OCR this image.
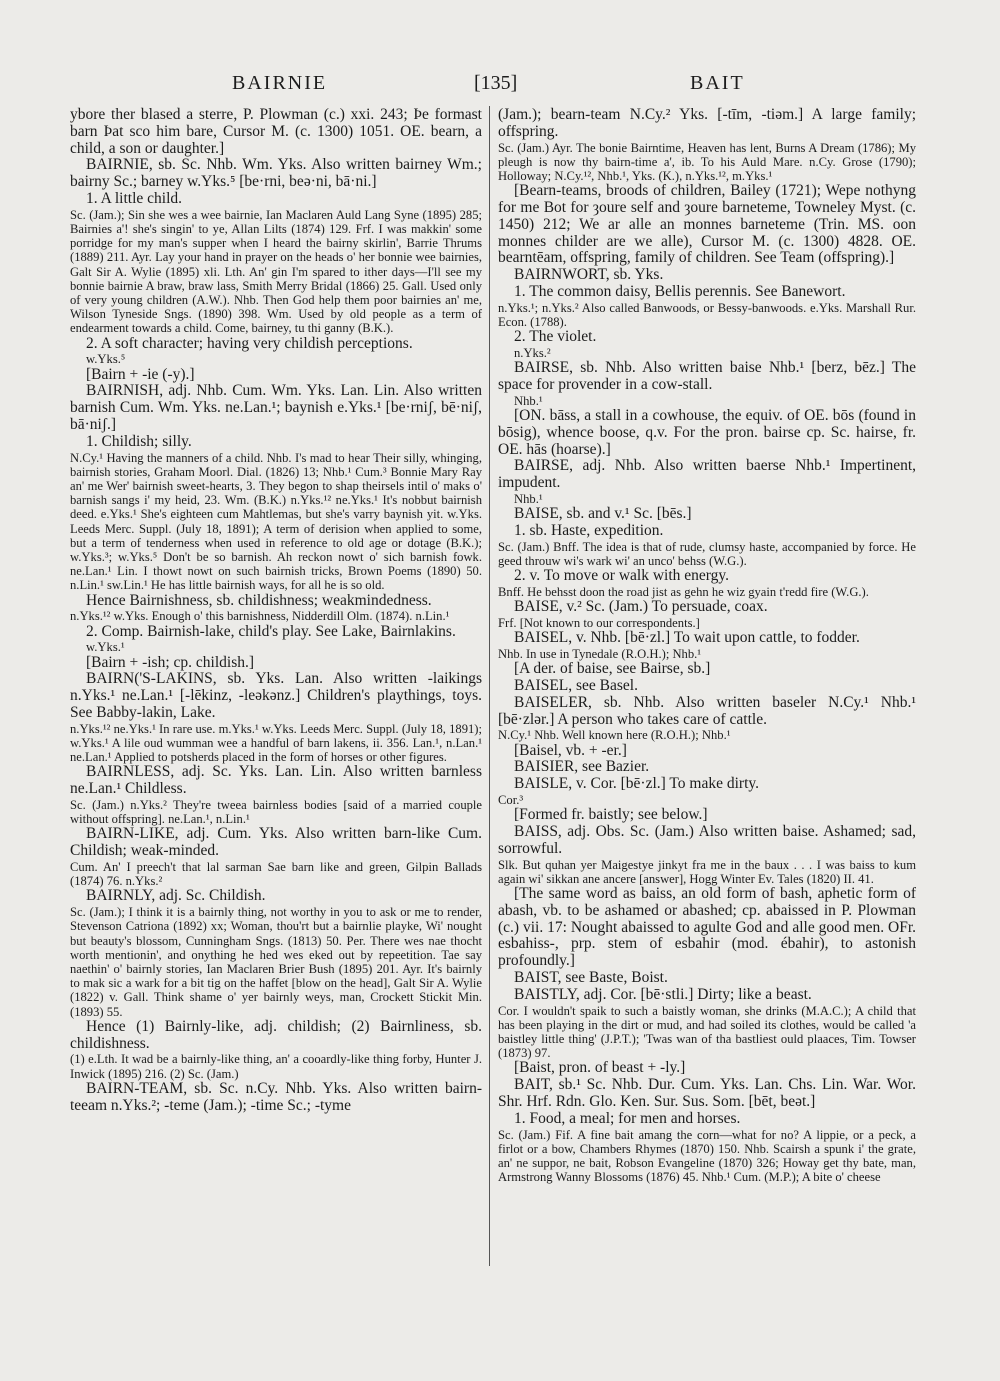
BAIRNIE	[135]	BAIT

ybore ther blased a sterre, P. Plowman (c.) xxi. 243; Þe formast barn Þat sco him bare, Cursor M. (c. 1300) 1051. OE. bearn, a child, a son or daughter.]

BAIRNIE, sb. Sc. Nhb. Wm. Yks. Also written bairney Wm.; bairny Sc.; barney w.Yks.⁵ [be·rni, beə·ni, bā·ni.]

1. A little child.

Sc. (Jam.); Sin she wes a wee bairnie, Ian Maclaren Auld Lang Syne (1895) 285; Bairnies a'! she's singin' to ye, Allan Lilts (1874) 129. Frf. I was makkin' some porridge for my man's supper when I heard the bairny skirlin', Barrie Thrums (1889) 211. Ayr. Lay your hand in prayer on the heads o' her bonnie wee bairnies, Galt Sir A. Wylie (1895) xli. Lth. An' gin I'm spared to ither days—I'll see my bonnie bairnie A braw, braw lass, Smith Merry Bridal (1866) 25. Gall. Used only of very young children (A.W.). Nhb. Then God help them poor bairnies an' me, Wilson Tyneside Sngs. (1890) 398. Wm. Used by old people as a term of endearment towards a child. Come, bairney, tu thi ganny (B.K.).

2. A soft character; having very childish perceptions.

w.Yks.⁵

[Bairn + -ie (-y).]

BAIRNISH, adj. Nhb. Cum. Wm. Yks. Lan. Lin. Also written barnish Cum. Wm. Yks. ne.Lan.¹; baynish e.Yks.¹ [be·rniʃ, bē·niʃ, bā·niʃ.]

1. Childish; silly.

N.Cy.¹ Having the manners of a child. Nhb. I's mad to hear Their silly, whinging, bairnish stories, Graham Moorl. Dial. (1826) 13; Nhb.¹ Cum.³ Bonnie Mary Ray an' me Wer' bairnish sweet-hearts, 3. They begon to shap theirsels intil o' maks o' barnish sangs i' my heid, 23. Wm. (B.K.) n.Yks.¹² ne.Yks.¹ It's nobbut bairnish deed. e.Yks.¹ She's eighteen cum Mahtlemas, but she's varry baynish yit. w.Yks. Leeds Merc. Suppl. (July 18, 1891); A term of derision when applied to some, but a term of tenderness when used in reference to old age or dotage (B.K.); w.Yks.³; w.Yks.⁵ Don't be so barnish. Ah reckon nowt o' sich barnish fowk. ne.Lan.¹ Lin. I thowt nowt on such bairnish tricks, Brown Poems (1890) 50. n.Lin.¹ sw.Lin.¹ He has little bairnish ways, for all he is so old.

Hence Bairnishness, sb. childishness; weakmindedness.

n.Yks.¹² w.Yks. Enough o' this barnishness, Nidderdill Olm. (1874). n.Lin.¹

2. Comp. Bairnish-lake, child's play. See Lake, Bairnlakins.

w.Yks.¹

[Bairn + -ish; cp. childish.]

BAIRN('S-LAKINS, sb. Yks. Lan. Also written -laikings n.Yks.¹ ne.Lan.¹ [-lēkinz, -leəkənz.] Children's playthings, toys. See Babby-lakin, Lake.

n.Yks.¹² ne.Yks.¹ In rare use. m.Yks.¹ w.Yks. Leeds Merc. Suppl. (July 18, 1891); w.Yks.¹ A lile oud wumman wee a handful of barn lakens, ii. 356. Lan.¹, n.Lan.¹ ne.Lan.¹ Applied to potsherds placed in the form of horses or other figures.

BAIRNLESS, adj. Sc. Yks. Lan. Lin. Also written barnless ne.Lan.¹ Childless.

Sc. (Jam.) n.Yks.² They're tweea bairnless bodies [said of a married couple without offspring]. ne.Lan.¹, n.Lin.¹

BAIRN-LIKE, adj. Cum. Yks. Also written barn-like Cum. Childish; weak-minded.

Cum. An' I preech't that lal sarman Sae barn like and green, Gilpin Ballads (1874) 76. n.Yks.²

BAIRNLY, adj. Sc. Childish.

Sc. (Jam.); I think it is a bairnly thing, not worthy in you to ask or me to render, Stevenson Catriona (1892) xx; Woman, thou'rt but a bairnlie playke, Wi' nought but beauty's blossom, Cunningham Sngs. (1813) 50. Per. There wes nae thocht worth mentionin', and onything he hed wes eked out by repeetition. Tae say naethin' o' bairnly stories, Ian Maclaren Brier Bush (1895) 201. Ayr. It's bairnly to mak sic a wark for a bit tig on the haffet [blow on the head], Galt Sir A. Wylie (1822) v. Gall. Think shame o' yer bairnly weys, man, Crockett Stickit Min. (1893) 55.

Hence (1) Bairnly-like, adj. childish; (2) Bairnliness, sb. childishness.

(1) e.Lth. It wad be a bairnly-like thing, an' a cooardly-like thing forby, Hunter J. Inwick (1895) 216. (2) Sc. (Jam.)

BAIRN-TEAM, sb. Sc. n.Cy. Nhb. Yks. Also written bairn-teeam n.Yks.²; -teme (Jam.); -time Sc.; -tyme

(Jam.); bearn-team N.Cy.² Yks. [-tīm, -tiəm.] A large family; offspring.

Sc. (Jam.) Ayr. The bonie Bairntime, Heaven has lent, Burns A Dream (1786); My pleugh is now thy bairn-time a', ib. To his Auld Mare. n.Cy. Grose (1790); Holloway; N.Cy.¹², Nhb.¹, Yks. (K.), n.Yks.¹², m.Yks.¹

[Bearn-teams, broods of children, Bailey (1721); Wepe nothyng for me Bot for ȝoure self and ȝoure barneteme, Towneley Myst. (c. 1450) 212; We ar alle an monnes barneteme (Trin. MS. oon monnes childer are we alle), Cursor M. (c. 1300) 4828. OE. bearntēam, offspring, family of children. See Team (offspring).]

BAIRNWORT, sb. Yks.

1. The common daisy, Bellis perennis. See Banewort.

n.Yks.¹; n.Yks.² Also called Banwoods, or Bessy-banwoods. e.Yks. Marshall Rur. Econ. (1788).

2. The violet.

n.Yks.²

BAIRSE, sb. Nhb. Also written baise Nhb.¹ [berz, bēz.] The space for provender in a cow-stall.

Nhb.¹

[ON. bāss, a stall in a cowhouse, the equiv. of OE. bōs (found in bōsig), whence boose, q.v. For the pron. bairse cp. Sc. hairse, fr. OE. hās (hoarse).]

BAIRSE, adj. Nhb. Also written baerse Nhb.¹ Impertinent, impudent.

Nhb.¹

BAISE, sb. and v.¹ Sc. [bēs.]

1. sb. Haste, expedition.

Sc. (Jam.) Bnff. The idea is that of rude, clumsy haste, accompanied by force. He geed throuw wi's wark wi' an unco' behss (W.G.).

2. v. To move or walk with energy.

Bnff. He behsst doon the road jist as gehn he wiz gyain t'redd fire (W.G.).

BAISE, v.² Sc. (Jam.) To persuade, coax.

Frf. [Not known to our correspondents.]

BAISEL, v. Nhb. [bē·zl.] To wait upon cattle, to fodder.

Nhb. In use in Tynedale (R.O.H.); Nhb.¹

[A der. of baise, see Bairse, sb.]

BAISEL, see Basel.

BAISELER, sb. Nhb. Also written baseler N.Cy.¹ Nhb.¹ [bē·zlər.] A person who takes care of cattle.

N.Cy.¹ Nhb. Well known here (R.O.H.); Nhb.¹

[Baisel, vb. + -er.]

BAISIER, see Bazier.

BAISLE, v. Cor. [bē·zl.] To make dirty.

Cor.³

[Formed fr. baistly; see below.]

BAISS, adj. Obs. Sc. (Jam.) Also written baise. Ashamed; sad, sorrowful.

Slk. But quhan yer Maigestye jinkyt fra me in the baux . . . I was baiss to kum again wi' sikkan ane ancere [answer], Hogg Winter Ev. Tales (1820) II. 41.

[The same word as baiss, an old form of bash, aphetic form of abash, vb. to be ashamed or abashed; cp. abaissed in P. Plowman (c.) vii. 17: Nought abaissed to agulte God and alle good men. OFr. esbahiss-, prp. stem of esbahir (mod. ébahir), to astonish profoundly.]

BAIST, see Baste, Boist.

BAISTLY, adj. Cor. [bē·stli.] Dirty; like a beast.

Cor. I wouldn't spaik to such a baistly woman, she drinks (M.A.C.); A child that has been playing in the dirt or mud, and had soiled its clothes, would be called 'a baistley little thing' (J.P.T.); 'Twas wan of tha bastliest ould plaaces, Tim. Towser (1873) 97.

[Baist, pron. of beast + -ly.]

BAIT, sb.¹ Sc. Nhb. Dur. Cum. Yks. Lan. Chs. Lin. War. Wor. Shr. Hrf. Rdn. Glo. Ken. Sur. Sus. Som. [bēt, beət.]

1. Food, a meal; for men and horses.

Sc. (Jam.) Fif. A fine bait amang the corn—what for no? A lippie, or a peck, a firlot or a bow, Chambers Rhymes (1870) 150. Nhb. Scairsh a spunk i' the grate, an' ne suppor, ne bait, Robson Evangeline (1870) 326; Howay get thy bate, man, Armstrong Wanny Blossoms (1876) 45. Nhb.¹ Cum. (M.P.); A bite o' cheese
